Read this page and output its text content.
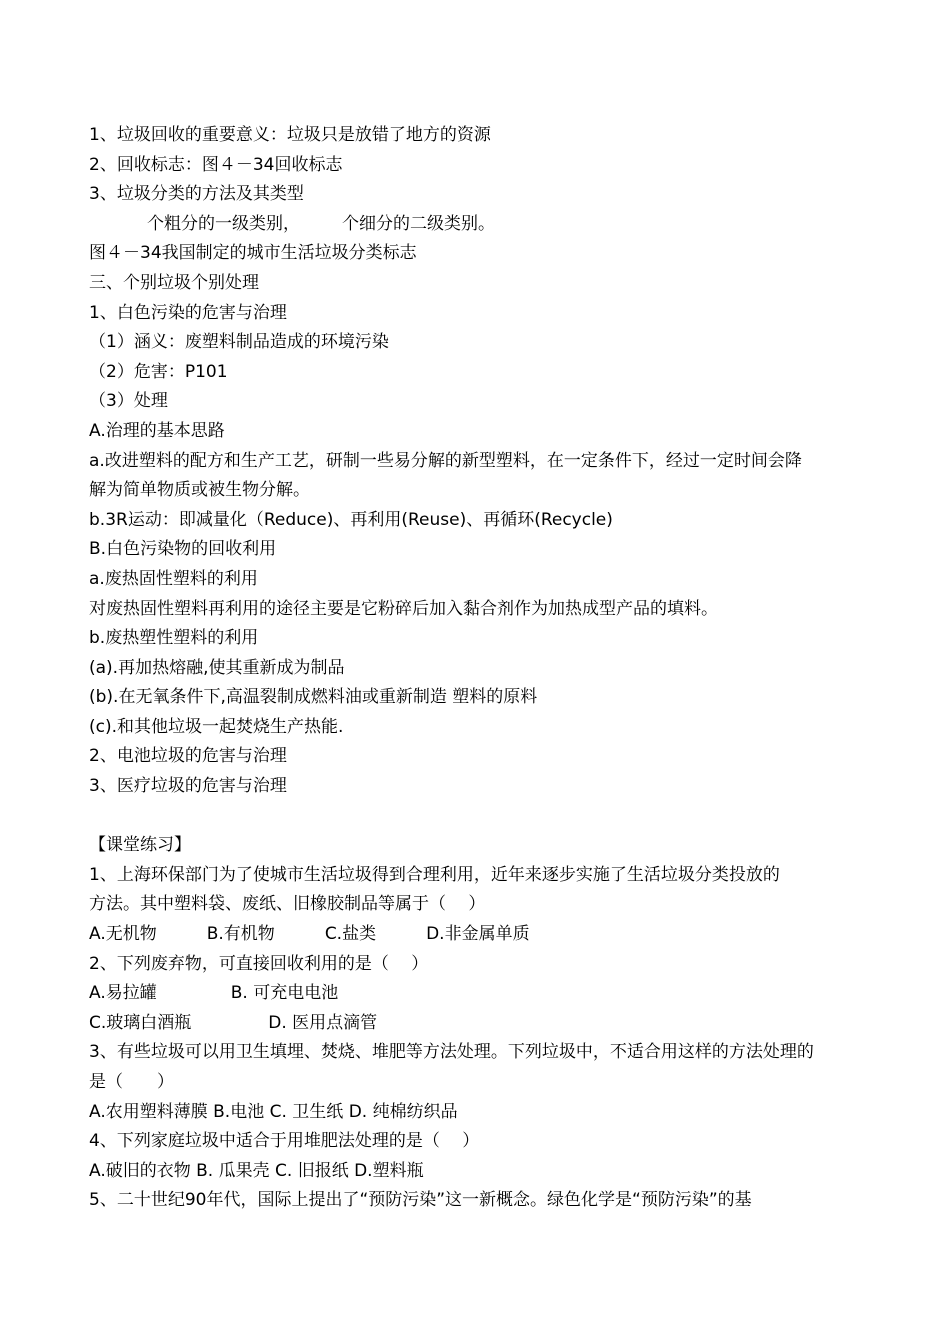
1、垃圾回收的重要意义：垃圾只是放错了地方的资源
2、回收标志：图４－34回收标志
3、垃圾分类的方法及其类型
个粗分的一级类别， 个细分的二级类别。
图４－34我国制定的城市生活垃圾分类标志
三、个别垃圾个别处理
1、白色污染的危害与治理
（1）涵义：废塑料制品造成的环境污染
（2）危害：P101
（3）处理
A.治理的基本思路
a.改进塑料的配方和生产工艺，研制一些易分解的新型塑料，在一定条件下，经过一定时间会降
解为简单物质或被生物分解。
b.3R运动：即减量化（Reduce)、再利用(Reuse)、再循环(Recycle)
B.白色污染物的回收利用
a.废热固性塑料的利用
对废热固性塑料再利用的途径主要是它粉碎后加入黏合剂作为加热成型产品的填料。
b.废热塑性塑料的利用
(a).再加热熔融,使其重新成为制品
(b).在无氧条件下,高温裂制成燃料油或重新制造 塑料的原料
(c).和其他垃圾一起焚烧生产热能.
2、电池垃圾的危害与治理
3、医疗垃圾的危害与治理
【课堂练习】
1、上海环保部门为了使城市生活垃圾得到合理利用，近年来逐步实施了生活垃圾分类投放的
方法。其中塑料袋、废纸、旧橡胶制品等属于（　 ）
A.无机物	B.有机物	C.盐类	D.非金属单质
2、下列废弃物，可直接回收利用的是（　 ）
A.易拉罐	B. 可充电电池
C.玻璃白酒瓶	D. 医用点滴管
3、有些垃圾可以用卫生填埋、焚烧、堆肥等方法处理。下列垃圾中，不适合用这样的方法处理的
是（　　）
A.农用塑料薄膜 B.电池 C. 卫生纸 D. 纯棉纺织品
4、下列家庭垃圾中适合于用堆肥法处理的是（　 ）
A.破旧的衣物 B. 瓜果壳 C. 旧报纸 D.塑料瓶
5、二十世纪90年代，国际上提出了“预防污染”这一新概念。绿色化学是“预防污染”的基
